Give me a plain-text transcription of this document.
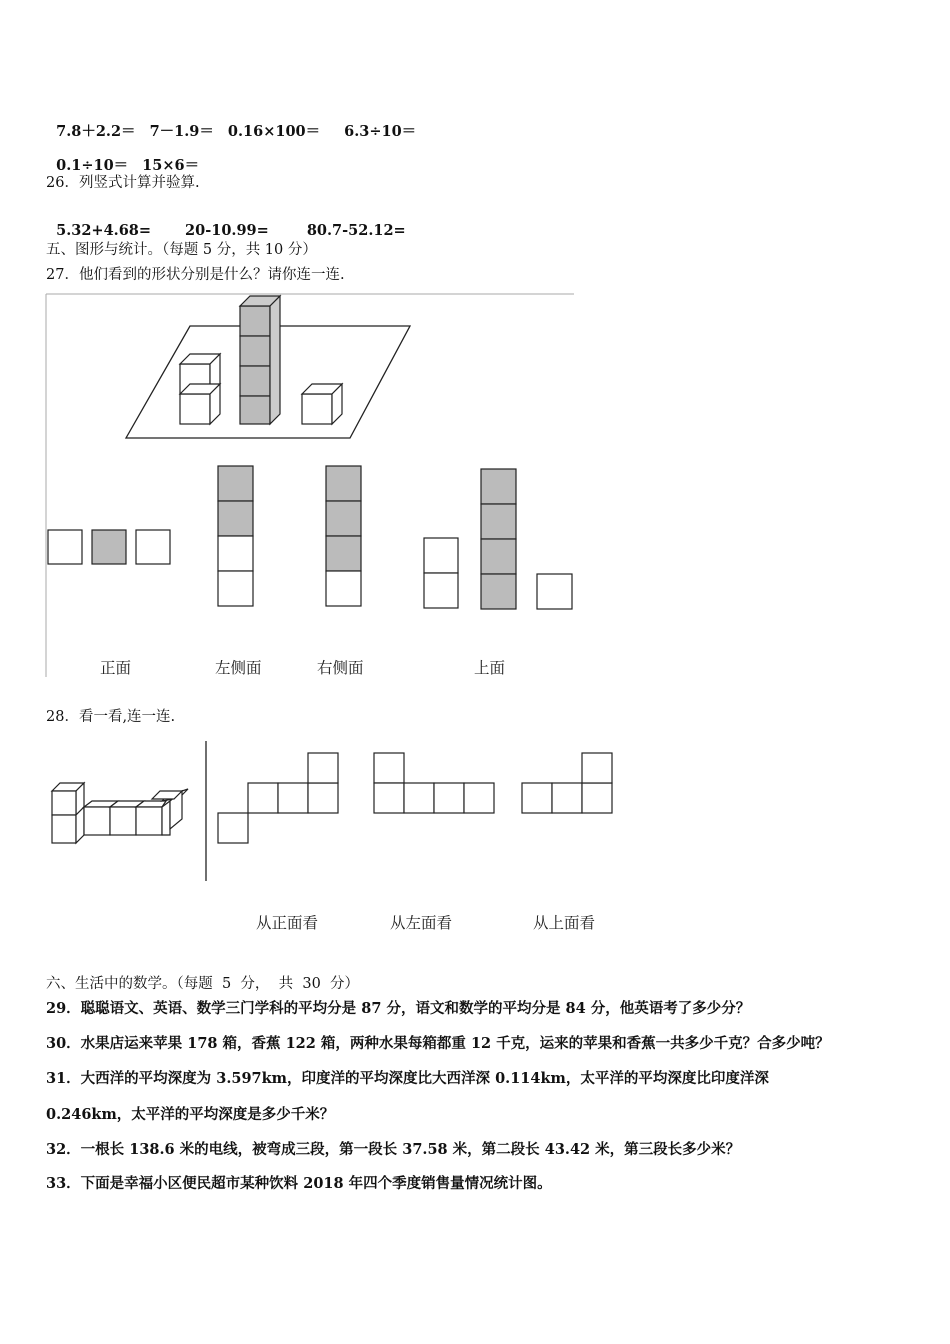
7.8＋2.2＝ 7－1.9＝ 0.16×100＝ 6.3÷10＝

0.1÷10＝ 15×6＝

26．列竖式计算并验算.

5.32+4.68= 20-10.99=	80.7-52.12=

五、图形与统计。（每题 5 分，共 10 分）
27．他们看到的形状分别是什么？请你连一连.
正面	左侧面	右侧面	上面
28．看一看,连一连.
从正面看	从左面看	从上面看
六、生活中的数学。（每题  5  分，  共  30  分）
29．聪聪语文、英语、数学三门学科的平均分是 87 分，语文和数学的平均分是 84 分，他英语考了多少分？
30．水果店运来苹果 178 箱，香蕉 122 箱，两种水果每箱都重 12 千克，运来的苹果和香蕉一共多少千克？合多少吨？
31．大西洋的平均深度为 3.597km，印度洋的平均深度比大西洋深 0.114km，太平洋的平均深度比印度洋深
0.246km，太平洋的平均深度是多少千米？
32．一根长 138.6 米的电线，被弯成三段，第一段长 37.58 米，第二段长 43.42 米，第三段长多少米？
33．下面是幸福小区便民超市某种饮料 2018 年四个季度销售量情况统计图。
